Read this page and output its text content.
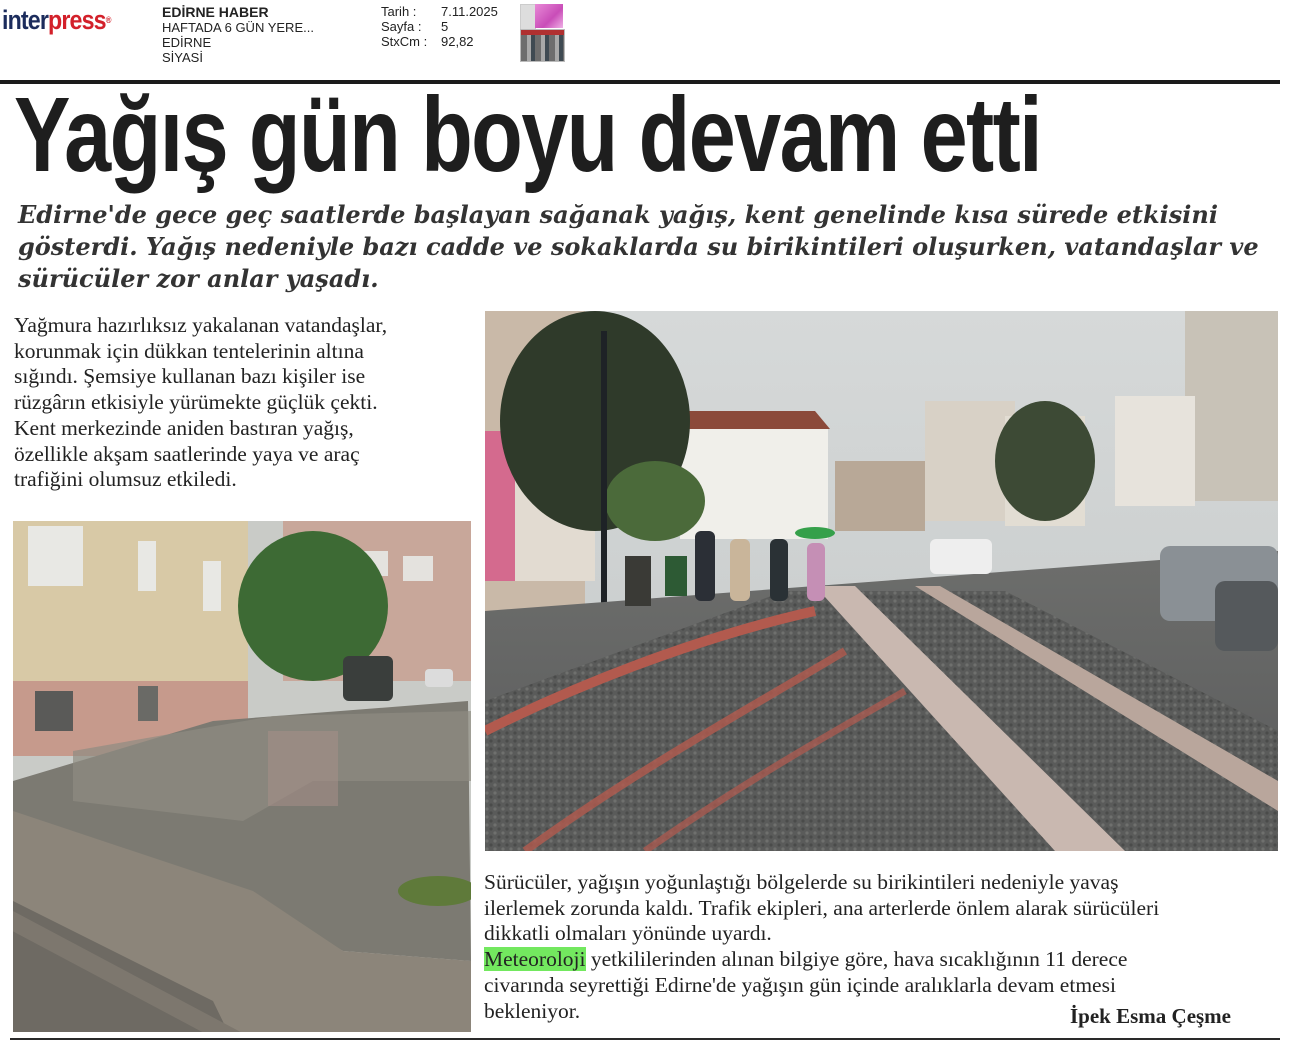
interpress®	EDİRNE HABER
HAFTADA 6 GÜN YERE...
EDİRNE
SİYASİ
Tarih :	7.11.2025
Sayfa :	5
StxCm :	92,82
Yağış gün boyu devam etti
Edirne'de gece geç saatlerde başlayan sağanak yağış, kent genelinde kısa sürede etkisini gösterdi. Yağış nedeniyle bazı cadde ve sokaklarda su birikintileri oluşurken, vatandaşlar ve sürücüler zor anlar yaşadı.
Yağmura hazırlıksız yakalanan vatandaşlar,
korunmak için dükkan tentelerinin altına
sığındı. Şemsiye kullanan bazı kişiler ise
rüzgârın etkisiyle yürümekte güçlük çekti.
Kent merkezinde aniden bastıran yağış,
özellikle akşam saatlerinde yaya ve araç
trafiğini olumsuz etkiledi.
Sürücüler, yağışın yoğunlaştığı bölgelerde su birikintileri nedeniyle yavaş
ilerlemek zorunda kaldı. Trafik ekipleri, ana arterlerde önlem alarak sürücüleri
dikkatli olmaları yönünde uyardı.
Meteoroloji yetkililerinden alınan bilgiye göre, hava sıcaklığının 11 derece
civarında seyrettiği Edirne'de yağışın gün içinde aralıklarla devam etmesi
bekleniyor.	İpek Esma Çeşme
